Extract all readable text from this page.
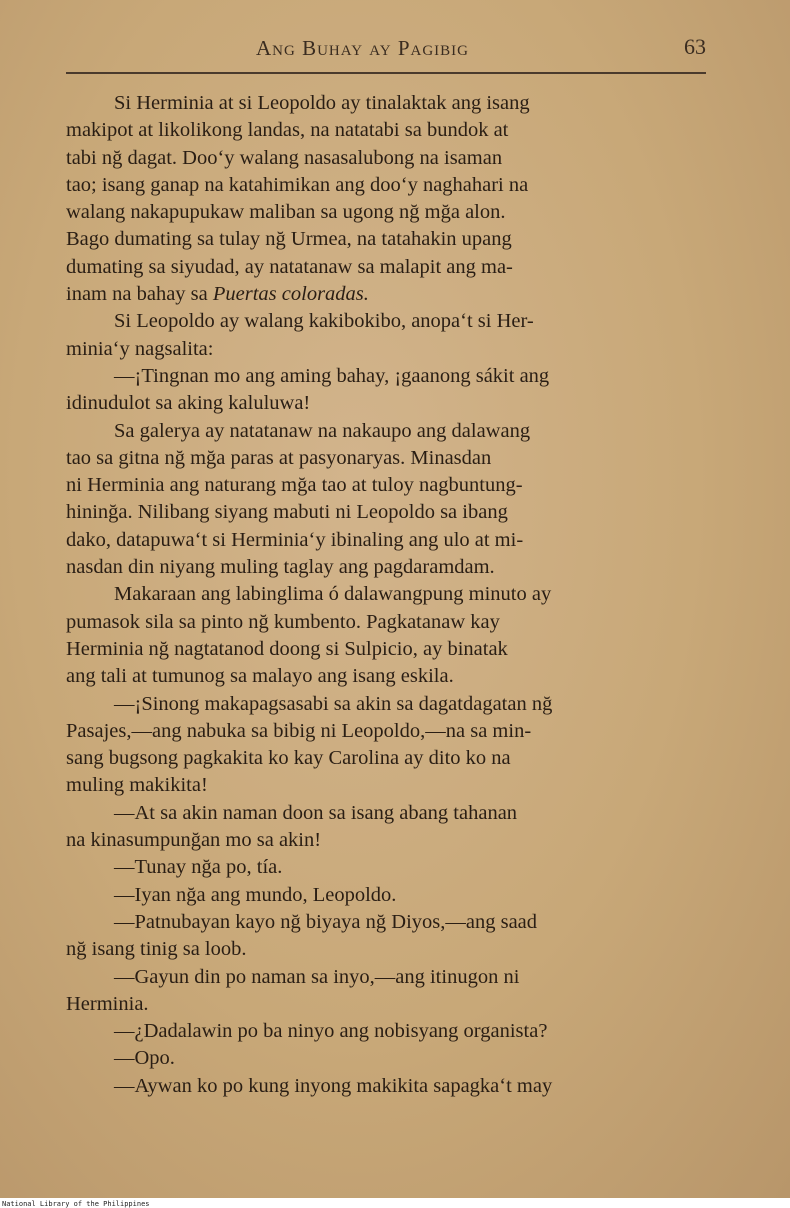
Ang Buhay ay Pagibig	63

Si Herminia at si Leopoldo ay tinalaktak ang isang
makipot at likolikong landas, na natatabi sa bundok at
tabi nğ dagat. Doo‘y walang nasasalubong na isaman
tao; isang ganap na katahimikan ang doo‘y naghahari na
walang nakapupukaw maliban sa ugong nğ mğa alon.
Bago dumating sa tulay nğ Urmea, na tatahakin upang
dumating sa siyudad, ay natatanaw sa malapit ang ma-
inam na bahay sa Puertas coloradas.

Si Leopoldo ay walang kakibokibo, anopa‘t si Her-
minia‘y nagsalita:

—¡Tingnan mo ang aming bahay, ¡gaanong sákit ang
idinudulot sa aking kaluluwa!

Sa galerya ay natatanaw na nakaupo ang dalawang
tao sa gitna nğ mğa paras at pasyonaryas. Minasdan
ni Herminia ang naturang mğa tao at tuloy nagbuntung-
hininğa. Nilibang siyang mabuti ni Leopoldo sa ibang
dako, datapuwa‘t si Herminia‘y ibinaling ang ulo at mi-
nasdan din niyang muling taglay ang pagdaramdam.

Makaraan ang labinglima ó dalawangpung minuto ay
pumasok sila sa pinto nğ kumbento. Pagkatanaw kay
Herminia nğ nagtatanod doong si Sulpicio, ay binatak
ang tali at tumunog sa malayo ang isang eskila.

—¡Sinong makapagsasabi sa akin sa dagatdagatan nğ
Pasajes,—ang nabuka sa bibig ni Leopoldo,—na sa min-
sang bugsong pagkakita ko kay Carolina ay dito ko na
muling makikita!

—At sa akin naman doon sa isang abang tahanan
na kinasumpunğan mo sa akin!

—Tunay nğa po, tía.

—Iyan nğa ang mundo, Leopoldo.

—Patnubayan kayo nğ biyaya nğ Diyos,—ang saad
nğ isang tinig sa loob.

—Gayun din po naman sa inyo,—ang itinugon ni
Herminia.

—¿Dadalawin po ba ninyo ang nobisyang organista?

—Opo.

—Aywan ko po kung inyong makikita sapagka‘t may

National Library of the Philippines
